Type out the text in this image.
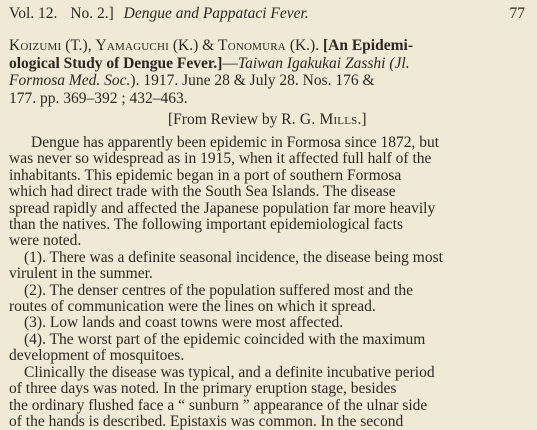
Vol. 12. No. 2.] Dengue and Pappataci Fever.	77
Koizumi (T.), Yamaguchi (K.) & Tonomura (K.). [An Epidemi-
ological Study of Dengue Fever.]—Taiwan Igakukai Zasshi (Jl.
Formosa Med. Soc.). 1917. June 28 & July 28. Nos. 176 &
177. pp. 369–392 ; 432–463.
[From Review by R. G. Mills.]
Dengue has apparently been epidemic in Formosa since 1872, but
was never so widespread as in 1915, when it affected full half of the
inhabitants. This epidemic began in a port of southern Formosa
which had direct trade with the South Sea Islands. The disease
spread rapidly and affected the Japanese population far more heavily
than the natives. The following important epidemiological facts
were noted.
(1). There was a definite seasonal incidence, the disease being most
virulent in the summer.
(2). The denser centres of the population suffered most and the
routes of communication were the lines on which it spread.
(3). Low lands and coast towns were most affected.
(4). The worst part of the epidemic coincided with the maximum
development of mosquitoes.
Clinically the disease was typical, and a definite incubative period
of three days was noted. In the primary eruption stage, besides
the ordinary flushed face a “ sunburn ” appearance of the ulnar side
of the hands is described. Epistaxis was common. In the second
